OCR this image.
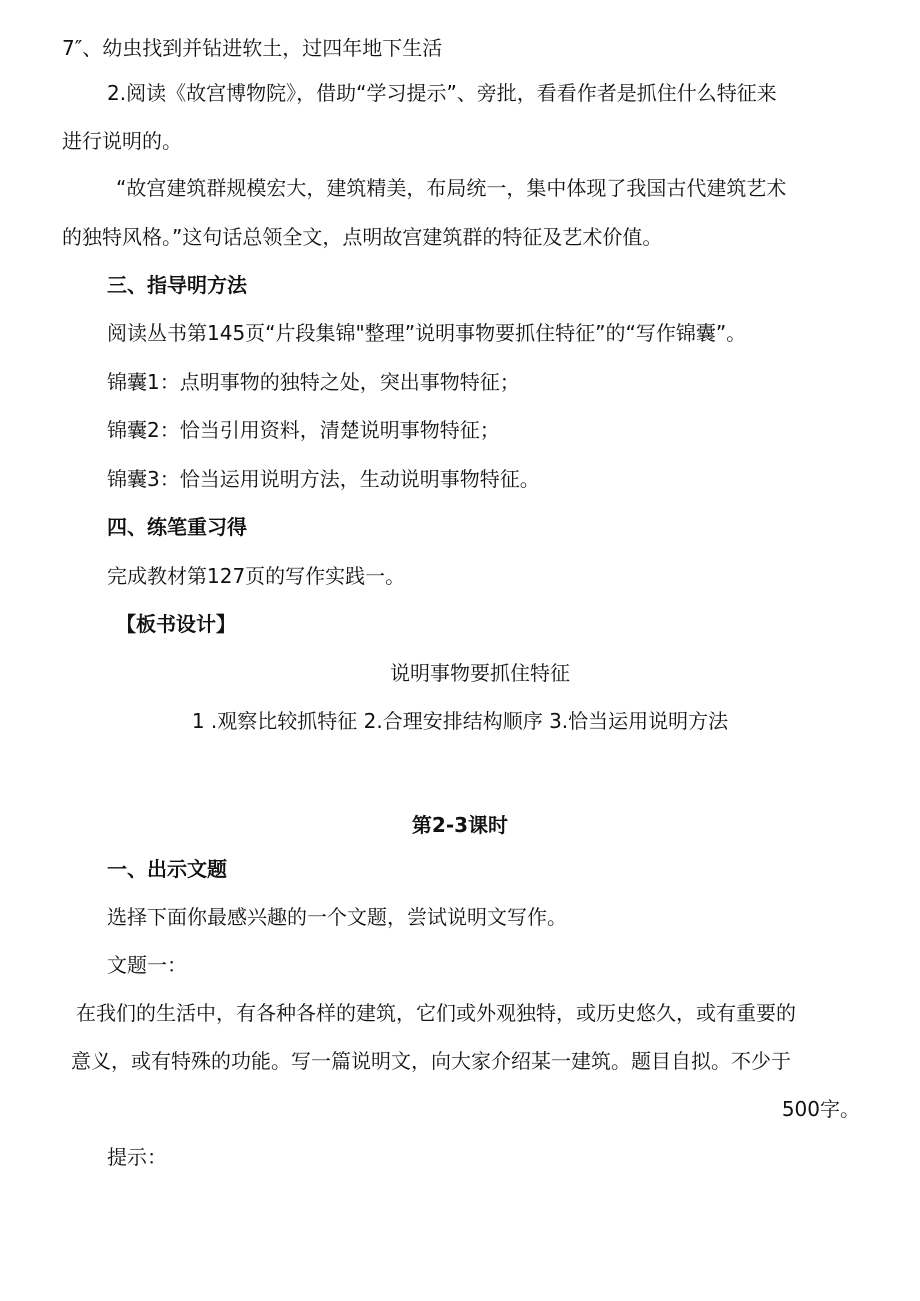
7″、幼虫找到并钻进软土，过四年地下生活
2.阅读《故宫博物院》，借助“学习提示”、旁批，看看作者是抓住什么特征来
进行说明的。
“故宫建筑群规模宏大，建筑精美，布局统一，集中体现了我国古代建筑艺术
的独特风格。”这句话总领全文，点明故宫建筑群的特征及艺术价值。
三、指导明方法
阅读丛书第145页“片段集锦"整理”说明事物要抓住特征”的“写作锦囊”。
锦囊1：点明事物的独特之处，突出事物特征；
锦囊2：恰当引用资料，清楚说明事物特征；
锦囊3：恰当运用说明方法，生动说明事物特征。
四、练笔重习得
完成教材第127页的写作实践一。
【板书设计】
说明事物要抓住特征
1 .观察比较抓特征 2.合理安排结构顺序 3.恰当运用说明方法
第2-3课时
一、出示文题
选择下面你最感兴趣的一个文题，尝试说明文写作。
文题一：
在我们的生活中，有各种各样的建筑，它们或外观独特，或历史悠久，或有重要的
意义，或有特殊的功能。写一篇说明文，向大家介绍某一建筑。题目自拟。不少于
500字。
提示：
